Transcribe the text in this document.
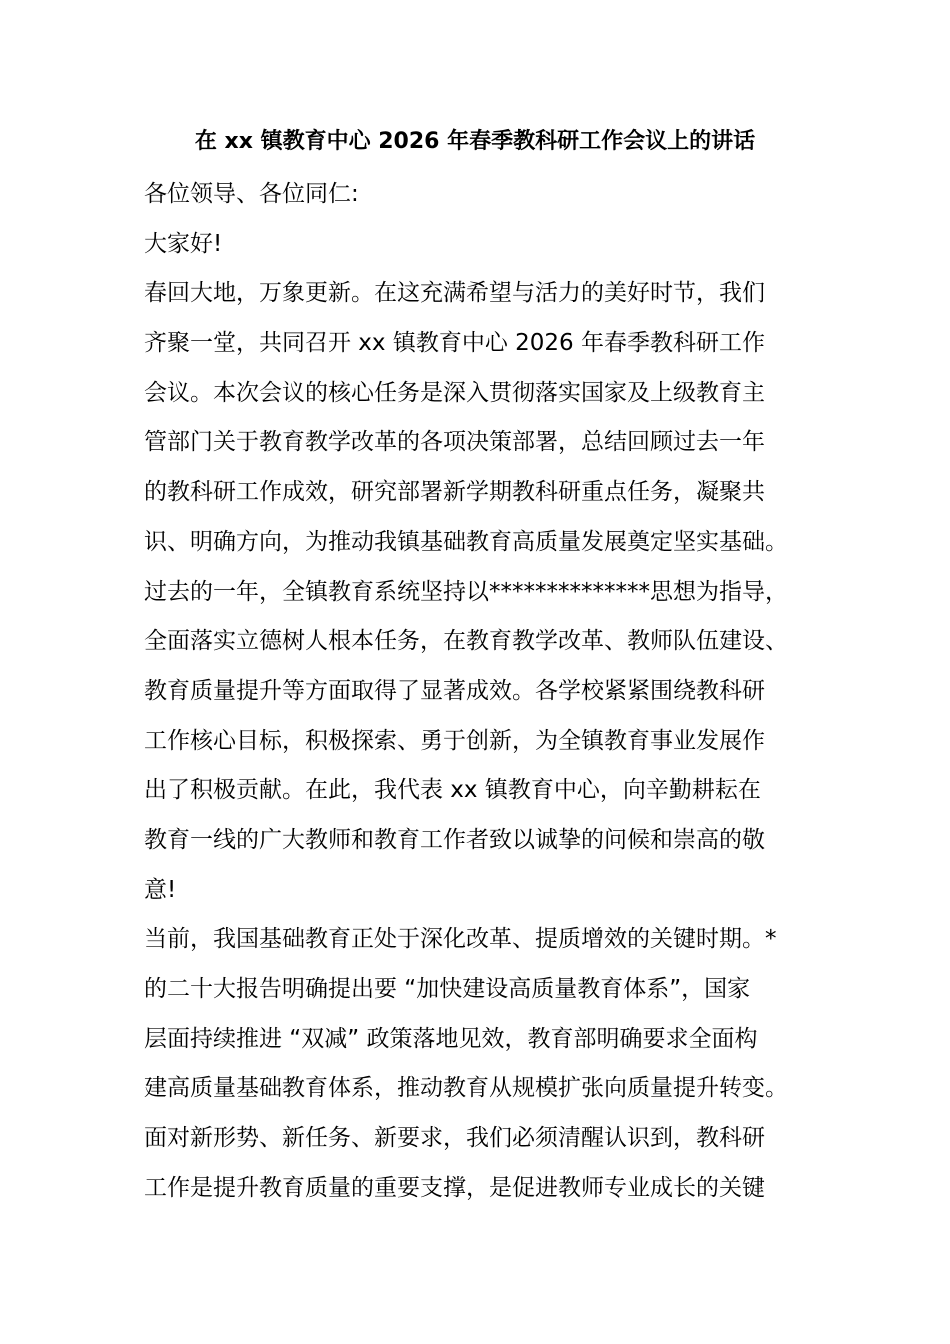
在 xx 镇教育中心 2026 年春季教科研工作会议上的讲话
各位领导、各位同仁:
大家好!
春回大地，万象更新。在这充满希望与活力的美好时节，我们
齐聚一堂，共同召开 xx 镇教育中心 2026 年春季教科研工作
会议。本次会议的核心任务是深入贯彻落实国家及上级教育主
管部门关于教育教学改革的各项决策部署，总结回顾过去一年
的教科研工作成效，研究部署新学期教科研重点任务，凝聚共
识、明确方向，为推动我镇基础教育高质量发展奠定坚实基础。
过去的一年，全镇教育系统坚持以**************思想为指导，
全面落实立德树人根本任务，在教育教学改革、教师队伍建设、
教育质量提升等方面取得了显著成效。各学校紧紧围绕教科研
工作核心目标，积极探索、勇于创新，为全镇教育事业发展作
出了积极贡献。在此，我代表 xx 镇教育中心，向辛勤耕耘在
教育一线的广大教师和教育工作者致以诚挚的问候和崇高的敬
意!
当前，我国基础教育正处于深化改革、提质增效的关键时期。*
的二十大报告明确提出要 “加快建设高质量教育体系”，国家
层面持续推进 “双减” 政策落地见效，教育部明确要求全面构
建高质量基础教育体系，推动教育从规模扩张向质量提升转变。
面对新形势、新任务、新要求，我们必须清醒认识到，教科研
工作是提升教育质量的重要支撑，是促进教师专业成长的关键
